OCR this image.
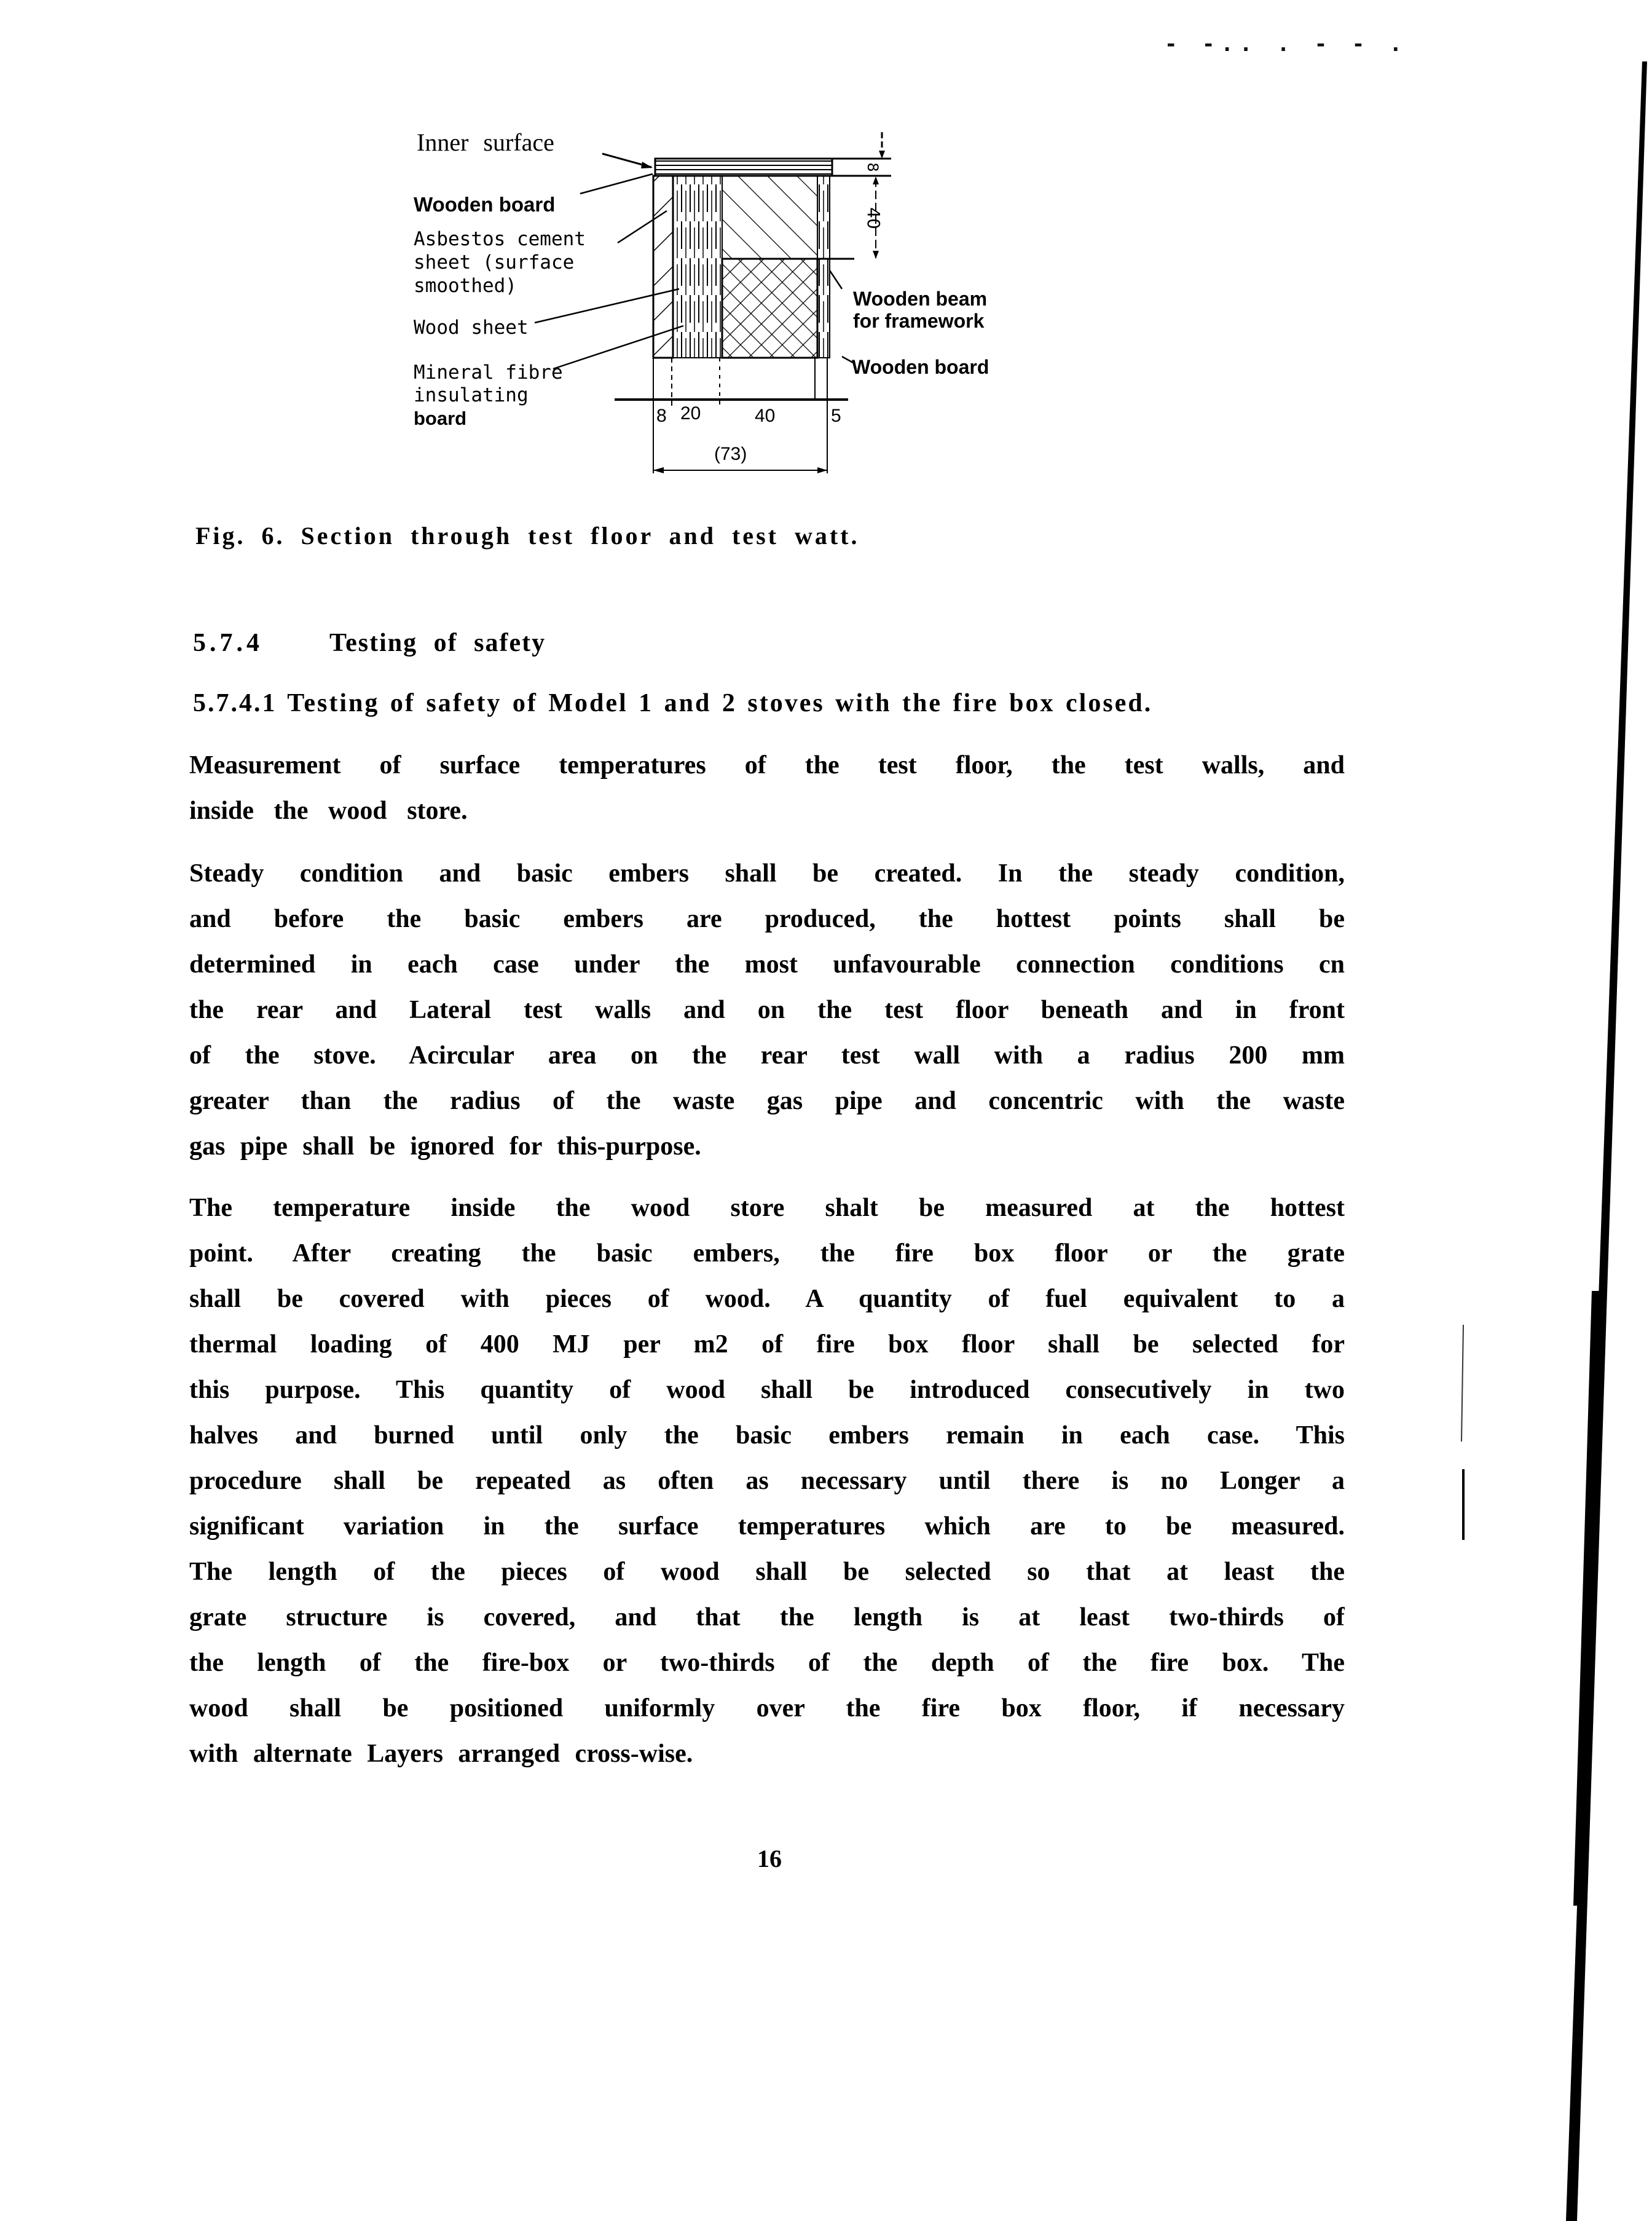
- -.. . - - .
8
40
8 20	40	5
(73)
Inner surface
Wooden board
Asbestos cement
sheet (surface
smoothed)
Wood sheet
Mineral fibre
insulating
board
Wooden beam
for framework
Wooden board
Fig. 6. Section through test floor and test watt.
5.7.4	Testing of safety
5.7.4.1 Testing of safety of Model 1 and 2 stoves with the fire box closed.
Measurement of surface temperatures of the test floor, the test walls, and
inside the wood store.
Steady condition and basic embers shall be created. In the steady condition,
and before the basic embers are produced, the hottest points shall be
determined in each case under the most unfavourable connection conditions cn
the rear and Lateral test walls and on the test floor beneath and in front
of the stove. Acircular area on the rear test wall with a radius 200 mm
greater than the radius of the waste gas pipe and concentric with the waste
gas pipe shall be ignored for this-purpose.
The temperature inside the wood store shalt be measured at the hottest
point. After creating the basic embers, the fire box floor or the grate
shall be covered with pieces of wood. A quantity of fuel equivalent to a
thermal loading of 400 MJ per m2 of fire box floor shall be selected for
this purpose. This quantity of wood shall be introduced consecutively in two
halves and burned until only the basic embers remain in each case. This
procedure shall be repeated as often as necessary until there is no Longer a
significant variation in the surface temperatures which are to be measured.
The length of the pieces of wood shall be selected so that at least the
grate structure is covered, and that the length is at least two-thirds of
the length of the fire-box or two-thirds of the depth of the fire box. The
wood shall be positioned uniformly over the fire box floor, if necessary
with alternate Layers arranged cross-wise.
16
